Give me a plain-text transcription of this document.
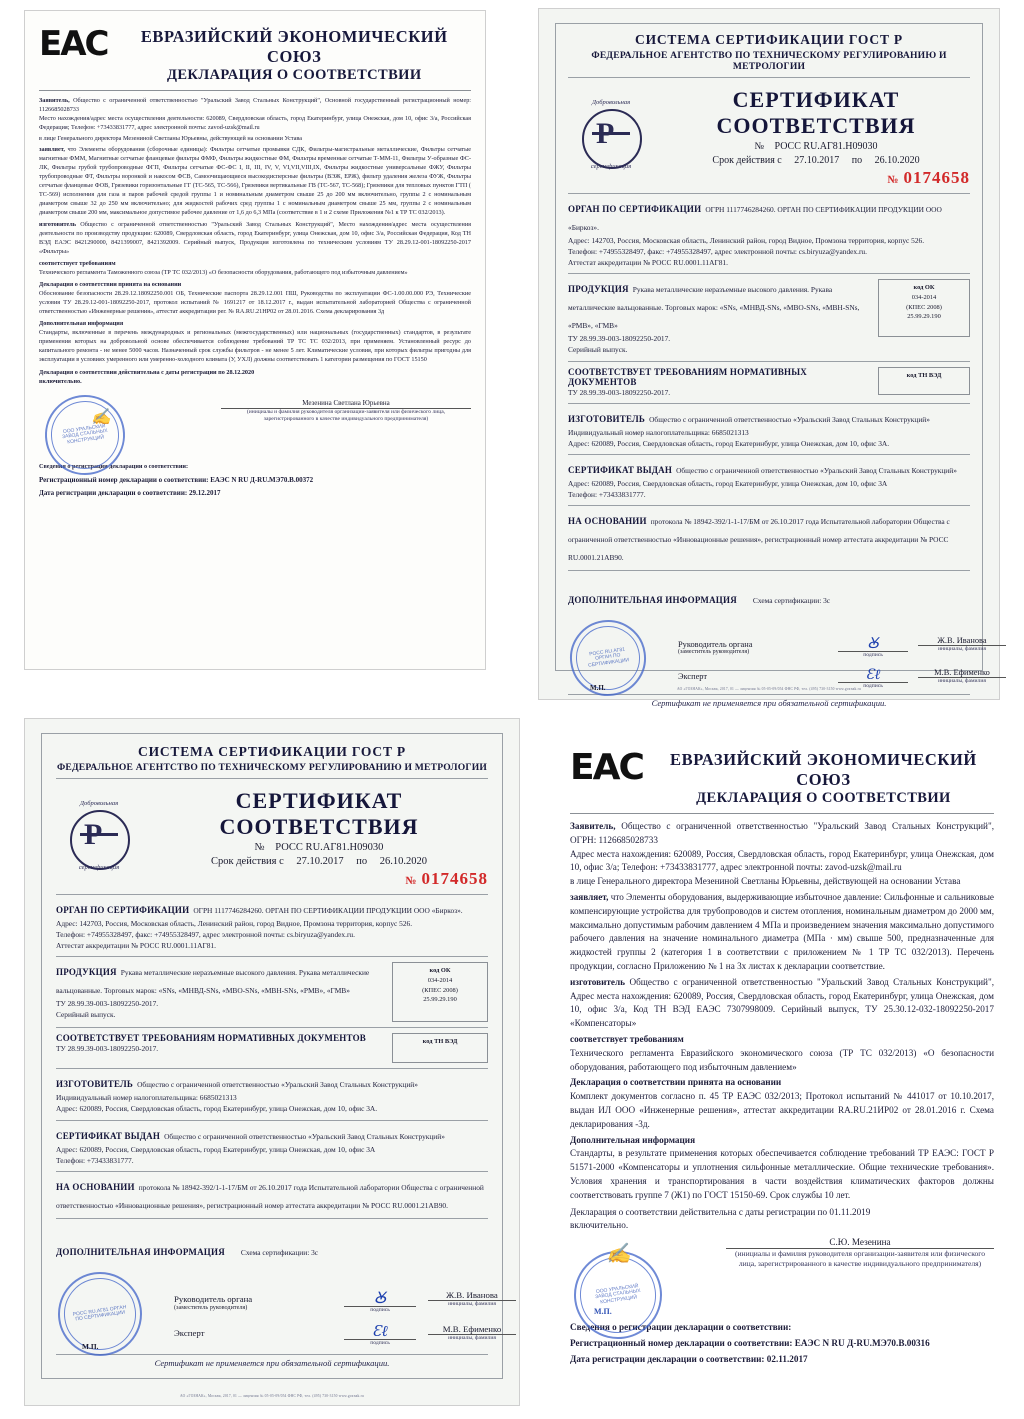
EAC	ЕВРАЗИЙСКИЙ ЭКОНОМИЧЕСКИЙ СОЮЗ
ДЕКЛАРАЦИЯ О СООТВЕТСТВИИ
Заявитель, Общество с ограниченной ответственностью "Уральский Завод Стальных Конструкций", Основной государственный регистрационный номер: 1126685028733
Место нахождения/адрес места осуществления деятельности: 620089, Свердловская область, город Екатеринбург, улица Онежская, дом 10, офис 3/а, Российская Федерация; Телефон: +73433831777, адрес электронной почты: zavod-uzsk@mail.ru
в лице Генерального директора Мезениной Светланы Юрьевны, действующей на основании Устава
заявляет, что Элементы оборудования (сборочные единицы): Фильтры сетчатые промывки СДК, Фильтры-магистральные металлические, Фильтры сетчатые магнитные ФММ, Магнитные сетчатые фланцевые фильтры ФМФ, Фильтры жидкостные ФМ, Фильтры временные сетчатые Т-ММ-11, Фильтры У-образные ФС-ЛК, Фильтры грубой трубопроводные ФГП, Фильтры сетчатые ФС-ФС I, II, III, IV, V, VI,VII,VIII,IX, Фильтры жидкостные универсальные ФЖУ, Фильтры трубопроводные ФТ, Фильтры воронкой и накосом ФСВ, Самоочищающиеся высокодисперсные фильтры (ВЭЖ, ЕРЖ), фильтр удаления железа ФУЖ, Фильтры сетчатые фланцевые ФОВ, Грязевики горизонтальные ГГ (ТС-565, ТС-566), Грязевики вертикальные ГВ (ТС-567, ТС-568); Грязевики для тепловых пунктов ГТП ( ТС-569) исполнения для газа и паров рабочей средой группы 1 и номинальным диаметром свыше 25 до 200 мм включительно, группы 2 с номинальным диаметром свыше 32 до 250 мм включительно; для жидкостей рабочих сред группы 1 с номинальным диаметром свыше 25 мм, группы 2 с номинальным диаметром свыше 200 мм, максимальное допустимое рабочее давление от 1,6 до 6,3 МПа (соответствие в 1 и 2 схеме Приложения №1 к ТР ТС 032/2013).
изготовитель Общество с ограниченной ответственностью "Уральский Завод Стальных Конструкций", Место нахождения/адрес места осуществления деятельности по производству продукции: 620089, Свердловская область, город Екатеринбург, улица Онежская, дом 10, офис 3/а, Российская Федерация, Код ТН ВЭД ЕАЭС 8421290000, 8421399007, 8421392009. Серийный выпуск, Продукция изготовлена по техническим условиям ТУ 28.29.12-001-18092250-2017 «Фильтры»
соответствует требованиям
Технического регламента Таможенного союза (ТР ТС 032/2013) «О безопасности оборудования, работающего под избыточным давлением»
Декларация о соответствии принята на основании
Обоснование безопасности 28.29.12.18092250.001 ОБ, Технические паспорта 28.29.12.001 ПШ, Руководства по эксплуатации ФС-1.00.00.000 РЭ, Технические условия ТУ 28.29.12-001-18092250-2017, протокол испытаний № 1691217 от 18.12.2017 г., выдан испытательной лабораторией Общества с ограниченной ответственностью «Инженерные решения», аттестат аккредитации рег. № RA.RU.21НР02 от 28.01.2016. Схема декларирования 3д
Дополнительная информация
Стандарты, включенные в перечень международных и региональных (межгосударственных) или национальных (государственных) стандартов, в результате применения которых на добровольной основе обеспечивается соблюдение требований ТР ТС ТС 032/2013, при применяем. Установленный ресурс до капитального ремонта - не менее 5000 часов. Назначенный срок службы фильтров - не менее 5 лет. Климатические условия, при которых фильтры пригодны для эксплуатации в условиях умеренного или умеренно-холодного климата (У, УХЛ) должны соответствовать 1 категории размещения по ГОСТ 15150
Декларация о соответствии действительна с даты регистрации по 28.12.2020
включительно.
Мезенина Светлана Юрьевна
(инициалы и фамилия руководителя организации-заявителя или физического лица, зарегистрированного в качестве индивидуального предпринимателя)
ООО УРАЛЬСКИЙ ЗАВОД СТАЛЬНЫХ КОНСТРУКЦИЙ
✍
Сведения о регистрации декларации о соответствии:
Регистрационный номер декларации о соответствии: ЕАЭС N RU Д-RU.МЭ70.В.00372
Дата регистрации декларации о соответствии: 29.12.2017
СИСТЕМА СЕРТИФИКАЦИИ ГОСТ Р
ФЕДЕРАЛЬНОЕ АГЕНТСТВО ПО ТЕХНИЧЕСКОМУ РЕГУЛИРОВАНИЮ И МЕТРОЛОГИИ
Добровольная
сертификация
СЕРТИФИКАТ СООТВЕТСТВИЯ
№ РОСС RU.АГ81.Н09030
Срок действия с 27.10.2017 по 26.10.2020
№ 0174658
ОРГАН ПО СЕРТИФИКАЦИИ ОГРН 1117746284260. ОРГАН ПО СЕРТИФИКАЦИИ ПРОДУКЦИИ ООО «Биркоз».
Адрес: 142703, Россия, Московская область, Ленинский район, город Видное, Промзона территория, корпус 526.
Телефон: +74955328497, факс: +74955328497, адрес электронной почты: cs.biryuza@yandex.ru.
Аттестат аккредитации № РОСС RU.0001.11АГ81.
ПРОДУКЦИЯ Рукава металлические неразъемные высокого давления. Рукава металлические вальцованные. Торговых марок: «SNs, «МНВД-SNs, «MBO-SNs, «МВН-SNs, «РМВ», «ГМВ»
ТУ 28.99.39-003-18092250-2017.
Серийный выпуск.
код ОК
034-2014
(КПЕС 2008)
25.99.29.190
СООТВЕТСТВУЕТ ТРЕБОВАНИЯМ НОРМАТИВНЫХ ДОКУМЕНТОВ
ТУ 28.99.39-003-18092250-2017.
код ТН ВЭД
ИЗГОТОВИТЕЛЬ Общество с ограниченной ответственностью «Уральский Завод Стальных Конструкций»
Индивидуальный номер налогоплательщика: 6685021313
Адрес: 620089, Россия, Свердловская область, город Екатеринбург, улица Онежская, дом 10, офис 3А.
СЕРТИФИКАТ ВЫДАН Общество с ограниченной ответственностью «Уральский Завод Стальных Конструкций»
Адрес: 620089, Россия, Свердловская область, город Екатеринбург, улица Онежская, дом 10, офис 3А
Телефон: +73433831777.
НА ОСНОВАНИИ протокола № 18942-392/1-1-17/БМ от 26.10.2017 года Испытательной лаборатории Общества с ограниченной ответственностью «Инновационные решения», регистрационный номер аттестата аккредитации № РОСС RU.0001.21АВ90.
ДОПОЛНИТЕЛЬНАЯ ИНФОРМАЦИЯ Схема сертификации: 3с
РОСС RU.АГ81 ОРГАН ПО СЕРТИФИКАЦИИ
М.П.
Руководитель органа
(заместитель руководителя)	Ꙋ
подпись
Ж.В. Иванова
инициалы, фамилия
Эксперт	Ɛℓ
подпись
М.В. Ефименко
инициалы, фамилия
Сертификат не применяется при обязательной сертификации.
АО «ГОЗНАК», Москва, 2017, 01 — лицензия № 05-05-09/054 ФНС РФ, тел. (495) 730-3150 www.goznak.ru
СИСТЕМА СЕРТИФИКАЦИИ ГОСТ Р
ФЕДЕРАЛЬНОЕ АГЕНТСТВО ПО ТЕХНИЧЕСКОМУ РЕГУЛИРОВАНИЮ И МЕТРОЛОГИИ
Добровольная
сертификация
СЕРТИФИКАТ СООТВЕТСТВИЯ
№ РОСС RU.АГ81.Н09030
Срок действия с 27.10.2017 по 26.10.2020
№ 0174658
ОРГАН ПО СЕРТИФИКАЦИИ ОГРН 1117746284260. ОРГАН ПО СЕРТИФИКАЦИИ ПРОДУКЦИИ ООО «Биркоз».
Адрес: 142703, Россия, Московская область, Ленинский район, город Видное, Промзона территория, корпус 526.
Телефон: +74955328497, факс: +74955328497, адрес электронной почты: cs.biryuza@yandex.ru.
Аттестат аккредитации № РОСС RU.0001.11АГ81.
ПРОДУКЦИЯ Рукава металлические неразъемные высокого давления. Рукава металлические вальцованные. Торговых марок: «SNs, «МНВД-SNs, «MBO-SNs, «МВН-SNs, «РМВ», «ГМВ»
ТУ 28.99.39-003-18092250-2017.
Серийный выпуск.
код ОК
034-2014
(КПЕС 2008)
25.99.29.190
СООТВЕТСТВУЕТ ТРЕБОВАНИЯМ НОРМАТИВНЫХ ДОКУМЕНТОВ
ТУ 28.99.39-003-18092250-2017.
код ТН ВЭД
ИЗГОТОВИТЕЛЬ Общество с ограниченной ответственностью «Уральский Завод Стальных Конструкций»
Индивидуальный номер налогоплательщика: 6685021313
Адрес: 620089, Россия, Свердловская область, город Екатеринбург, улица Онежская, дом 10, офис 3А.
СЕРТИФИКАТ ВЫДАН Общество с ограниченной ответственностью «Уральский Завод Стальных Конструкций»
Адрес: 620089, Россия, Свердловская область, город Екатеринбург, улица Онежская, дом 10, офис 3А
Телефон: +73433831777.
НА ОСНОВАНИИ протокола № 18942-392/1-1-17/БМ от 26.10.2017 года Испытательной лаборатории Общества с ограниченной ответственностью «Инновационные решения», регистрационный номер аттестата аккредитации № РОСС RU.0001.21АВ90.
ДОПОЛНИТЕЛЬНАЯ ИНФОРМАЦИЯ Схема сертификации: 3с
РОСС RU.АГ81 ОРГАН ПО СЕРТИФИКАЦИИ
М.П.
Руководитель органа
(заместитель руководителя)
Ꙋ
подпись
Ж.В. Иванова
инициалы, фамилия
Эксперт	Ɛℓ
подпись
М.В. Ефименко
инициалы, фамилия
Сертификат не применяется при обязательной сертификации.
АО «ГОЗНАК», Москва, 2017, 01 — лицензия № 05-05-09/054 ФНС РФ, тел. (495) 730-3150 www.goznak.ru
EAC	ЕВРАЗИЙСКИЙ ЭКОНОМИЧЕСКИЙ СОЮЗ
ДЕКЛАРАЦИЯ О СООТВЕТСТВИИ
Заявитель, Общество с ограниченной ответственностью "Уральский Завод Стальных Конструкций", ОГРН: 1126685028733
Адрес места нахождения: 620089, Россия, Свердловская область, город Екатеринбург, улица Онежская, дом 10, офис 3/а; Телефон: +73433831777, адрес электронной почты: zavod-uzsk@mail.ru
в лице Генерального директора Мезениной Светланы Юрьевны, действующей на основании Устава
заявляет, что Элементы оборудования, выдерживающие избыточное давление: Сильфонные и сальниковые компенсирующие устройства для трубопроводов и систем отопления, номинальным диаметром до 2000 мм, максимально допустимым рабочим давлением 4 МПа и произведением значения максимально допустимого рабочего давления на значение номинального диаметра (МПа · мм) свыше 500, предназначенные для жидкостей группы 2 (категория 1 в соответствии с приложением № 1 ТР ТС 032/2013). Перечень продукции, согласно Приложению № 1 на 3х листах к декларации соответствие.
изготовитель Общество с ограниченной ответственностью "Уральский Завод Стальных Конструкций", Адрес места нахождения: 620089, Россия, Свердловская область, город Екатеринбург, улица Онежская, дом 10, офис 3/а, Код ТН ВЭД ЕАЭС 7307998009. Серийный выпуск, ТУ 25.30.12-032-18092250-2017 «Компенсаторы»
соответствует требованиям
Технического регламента Евразийского экономического союза (ТР ТС 032/2013) «О безопасности оборудования, работающего под избыточным давлением»
Декларация о соответствии принята на основании
Комплект документов согласно п. 45 ТР ЕАЭС 032/2013; Протокол испытаний № 441017 от 10.10.2017, выдан ИЛ ООО «Инженерные решения», аттестат аккредитации RA.RU.21ИР02 от 28.01.2016 г. Схема декларирования -3д.
Дополнительная информация
Стандарты, в результате применения которых обеспечивается соблюдение требований ТР ЕАЭС: ГОСТ Р 51571-2000 «Компенсаторы и уплотнения сильфонные металлические. Общие технические требования». Условия хранения и транспортирования в части воздействия климатических факторов должны соответствовать группе 7 (Ж1) по ГОСТ 15150-69. Срок службы 10 лет.
Декларация о соответствии действительна с даты регистрации по 01.11.2019
включительно.
С.Ю. Мезенина
(инициалы и фамилия руководителя организации-заявителя или физического лица, зарегистрированного в качестве индивидуального предпринимателя)
ООО УРАЛЬСКИЙ ЗАВОД СТАЛЬНЫХ КОНСТРУКЦИЙ
✍
М.П.
Сведения о регистрации декларации о соответствии:
Регистрационный номер декларации о соответствии: ЕАЭС N RU Д-RU.МЭ70.В.00316
Дата регистрации декларации о соответствии: 02.11.2017
